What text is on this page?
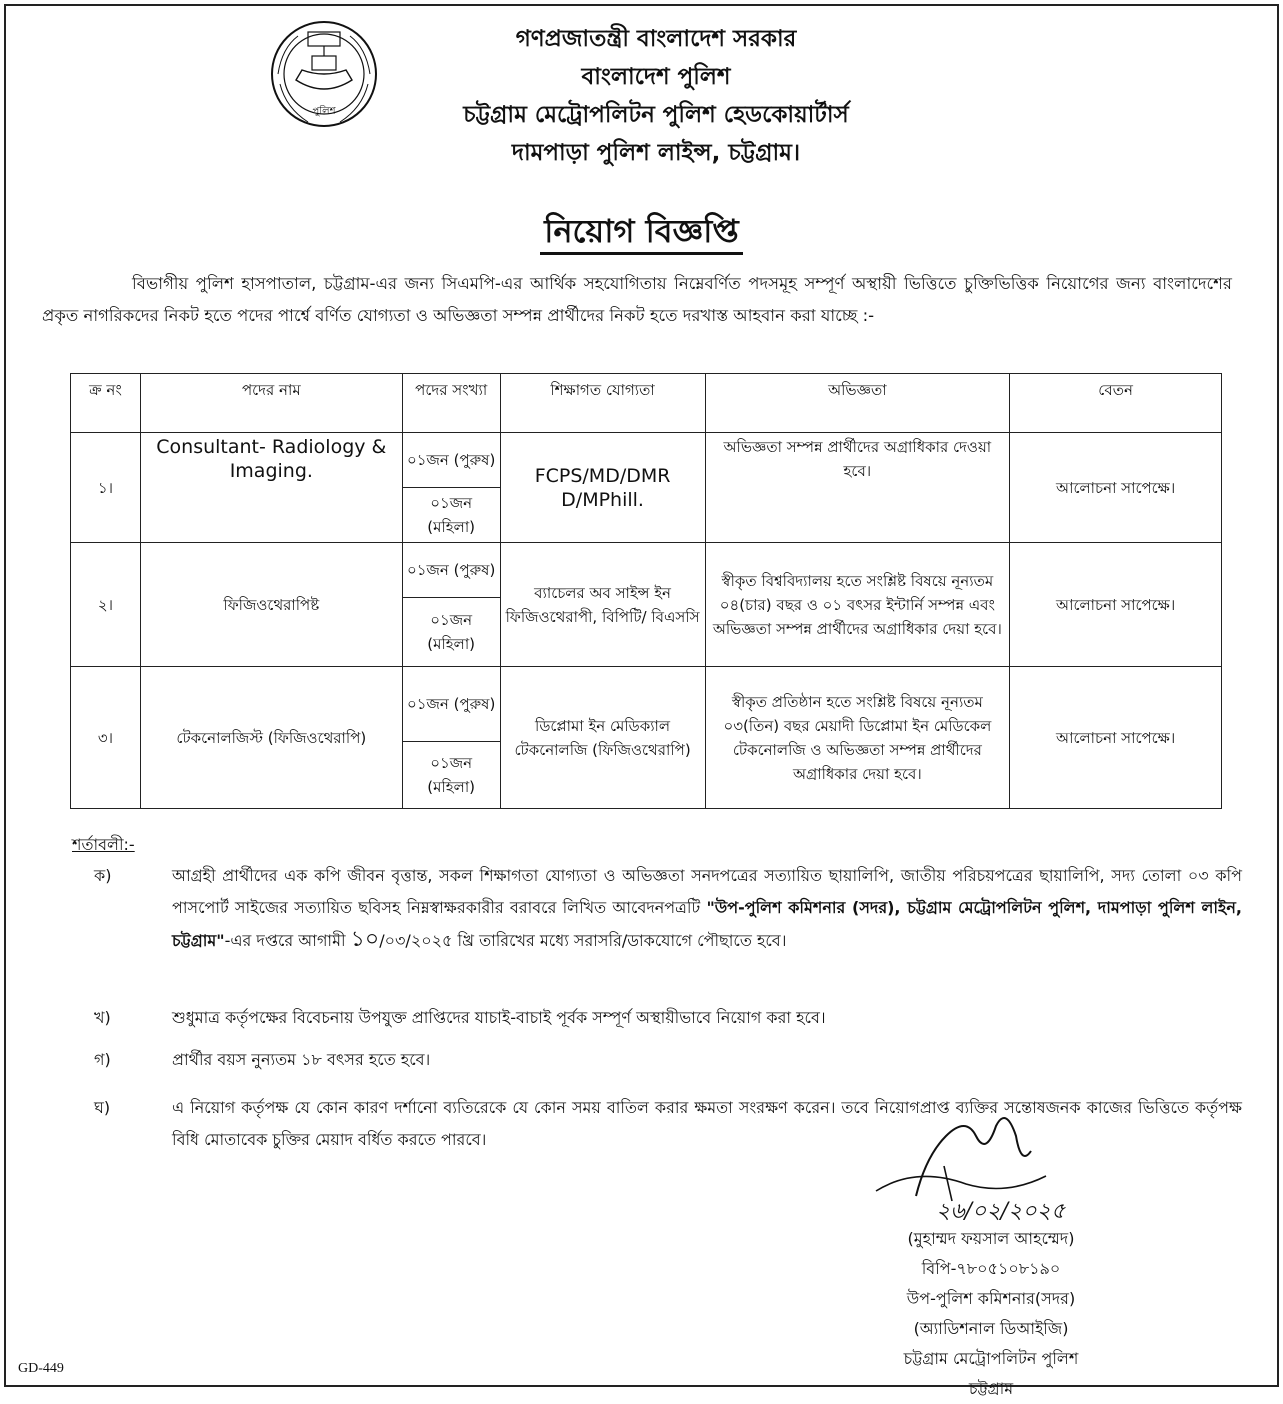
পুলিশ
গণপ্রজাতন্ত্রী বাংলাদেশ সরকার
বাংলাদেশ পুলিশ
চট্টগ্রাম মেট্রোপলিটন পুলিশ হেডকোয়ার্টার্স
দামপাড়া পুলিশ লাইন্স, চট্টগ্রাম।
নিয়োগ বিজ্ঞপ্তি
বিভাগীয় পুলিশ হাসপাতাল, চট্টগ্রাম-এর জন্য সিএমপি-এর আর্থিক সহযোগিতায় নিম্নেবর্ণিত পদসমূহ সম্পূর্ণ অস্থায়ী ভিত্তিতে চুক্তিভিত্তিক নিয়োগের জন্য বাংলাদেশের প্রকৃত নাগরিকদের নিকট হতে পদের পার্শ্বে বর্ণিত যোগ্যতা ও অভিজ্ঞতা সম্পন্ন প্রার্থীদের নিকট হতে দরখাস্ত আহবান করা যাচ্ছে :-
ক্র নং	পদের নাম	পদের সংখ্যা	শিক্ষাগত যোগ্যতা	অভিজ্ঞতা	বেতন
১।	Consultant- Radiology & Imaging.	০১জন (পুরুষ)	FCPS/MD/DMR D/MPhill.	অভিজ্ঞতা সম্পন্ন প্রার্থীদের অগ্রাধিকার দেওয়া হবে।	আলোচনা সাপেক্ষে।
		০১জন (মহিলা)			
২।	ফিজিওথেরাপিষ্ট	০১জন (পুরুষ)	ব্যাচেলর অব সাইন্স ইন ফিজিওথেরাপী, বিপিটি/ বিএসসি	স্বীকৃত বিশ্ববিদ্যালয় হতে সংশ্লিষ্ট বিষয়ে নূন্যতম ০৪(চার) বছর ও ০১ বৎসর ইন্টার্নি সম্পন্ন এবং অভিজ্ঞতা সম্পন্ন প্রার্থীদের অগ্রাধিকার দেয়া হবে।	আলোচনা সাপেক্ষে।
		০১জন (মহিলা)			
৩।	টেকনোলজিস্ট (ফিজিওথেরাপি)	০১জন (পুরুষ)	ডিপ্লোমা ইন মেডিক্যাল টেকনোলজি (ফিজিওথেরাপি)	স্বীকৃত প্রতিষ্ঠান হতে সংশ্লিষ্ট বিষয়ে নূন্যতম ০৩(তিন) বছর মেয়াদী ডিপ্লোমা ইন মেডিকেল টেকনোলজি ও অভিজ্ঞতা সম্পন্ন প্রার্থীদের অগ্রাধিকার দেয়া হবে।	আলোচনা সাপেক্ষে।
		০১জন (মহিলা)			
শর্তাবলী:-
ক)	আগ্রহী প্রার্থীদের এক কপি জীবন বৃত্তান্ত, সকল শিক্ষাগতা যোগ্যতা ও অভিজ্ঞতা সনদপত্রের সত্যায়িত ছায়ালিপি, জাতীয় পরিচয়পত্রের ছায়ালিপি, সদ্য তোলা ০৩ কপি পাসপোর্ট সাইজের সত্যায়িত ছবিসহ নিম্নস্বাক্ষরকারীর বরাবরে লিখিত আবেদনপত্রটি "উপ-পুলিশ কমিশনার (সদর), চট্টগ্রাম মেট্রোপলিটন পুলিশ, দামপাড়া পুলিশ লাইন, চট্টগ্রাম"-এর দপ্তরে আগামী ১০/০৩/২০২৫ খ্রি তারিখের মধ্যে সরাসরি/ডাকযোগে পৌছাতে হবে।
খ)	শুধুমাত্র কর্তৃপক্ষের বিবেচনায় উপযুক্ত প্রাপ্তিদের যাচাই-বাচাই পূর্বক সম্পূর্ণ অস্থায়ীভাবে নিয়োগ করা হবে।
গ)	প্রার্থীর বয়স নুন্যতম ১৮ বৎসর হতে হবে।
ঘ)	এ নিয়োগ কর্তৃপক্ষ যে কোন কারণ দর্শানো ব্যতিরেকে যে কোন সময় বাতিল করার ক্ষমতা সংরক্ষণ করেন। তবে নিয়োগপ্রাপ্ত ব্যক্তির সন্তোষজনক কাজের ভিত্তিতে কর্তৃপক্ষ বিধি মোতাবেক চুক্তির মেয়াদ বর্ধিত করতে পারবে।
২৬/০২/২০২৫
(মুহাম্মদ ফয়সাল আহম্মেদ)
বিপি-৭৮০৫১০৮১৯০
উপ-পুলিশ কমিশনার(সদর)
(অ্যাডিশনাল ডিআইজি)
চট্টগ্রাম মেট্রোপলিটন পুলিশ
চট্টগ্রাম
GD-449
